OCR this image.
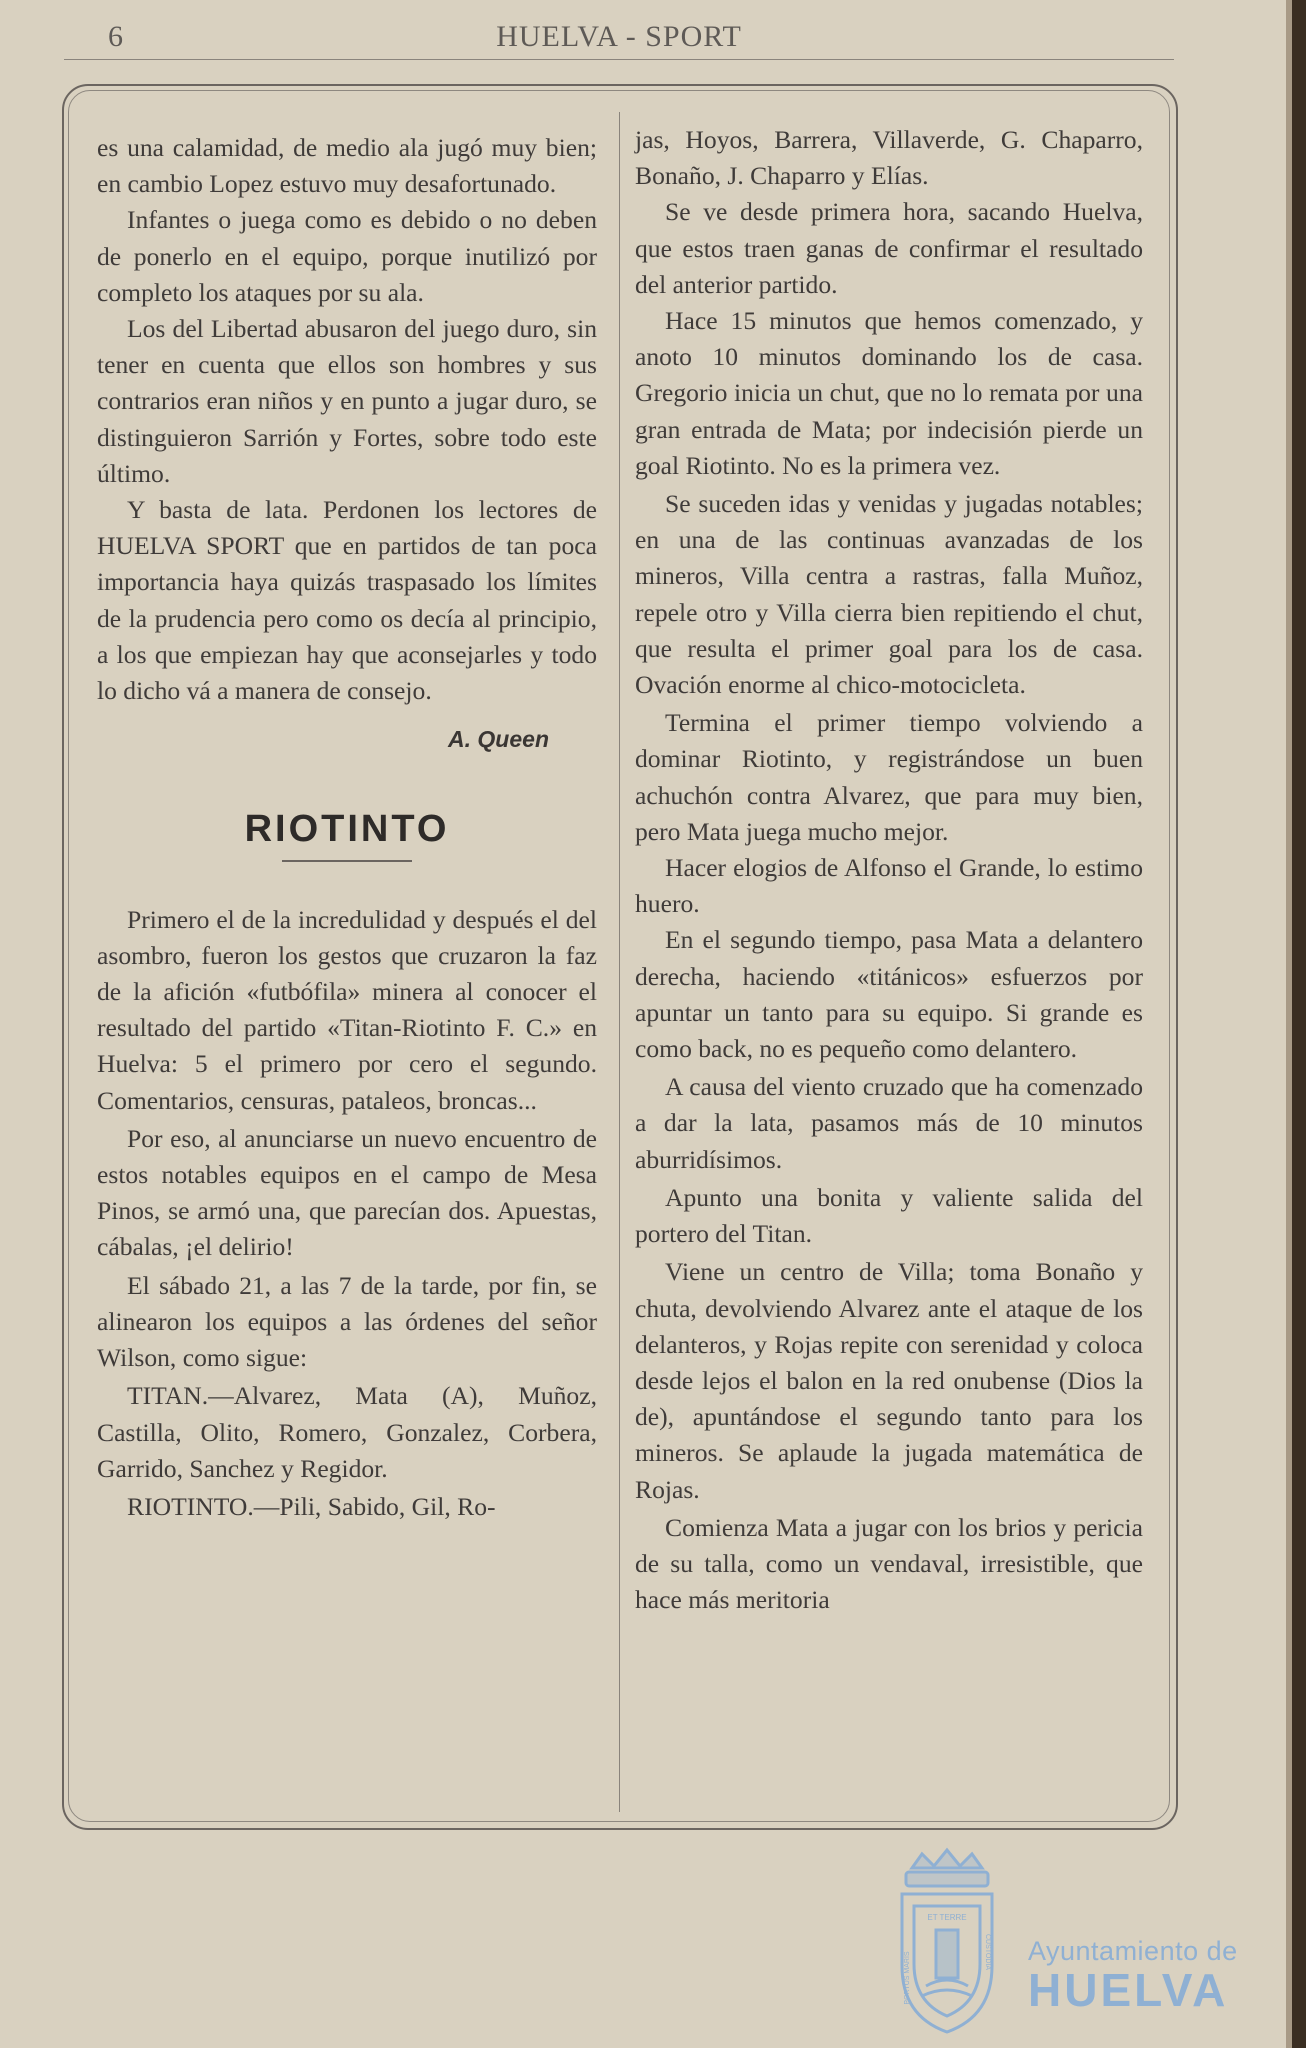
6	HUELVA - SPORT

es una calamidad, de medio ala jugó muy bien; en cambio Lopez estuvo muy desafortunado.

Infantes o juega como es debido o no deben de ponerlo en el equipo, porque inutilizó por completo los ataques por su ala.

Los del Libertad abusaron del juego duro, sin tener en cuenta que ellos son hombres y sus contrarios eran niños y en punto a jugar duro, se distinguieron Sarrión y Fortes, sobre todo este último.

Y basta de lata. Perdonen los lectores de HUELVA SPORT que en partidos de tan poca importancia haya quizás traspasado los límites de la prudencia pero como os decía al principio, a los que empiezan hay que aconsejarles y todo lo dicho vá a manera de consejo.

A. Queen
RIOTINTO

Primero el de la incredulidad y después el del asombro, fueron los gestos que cruzaron la faz de la afición «futbófila» minera al conocer el resultado del partido «Titan-Riotinto F. C.» en Huelva: 5 el primero por cero el segundo. Comentarios, censuras, pataleos, broncas...

Por eso, al anunciarse un nuevo encuentro de estos notables equipos en el campo de Mesa Pinos, se armó una, que parecían dos. Apuestas, cábalas, ¡el delirio!

El sábado 21, a las 7 de la tarde, por fin, se alinearon los equipos a las órdenes del señor Wilson, como sigue:

TITAN.—Alvarez, Mata (A), Muñoz, Castilla, Olito, Romero, Gonzalez, Corbera, Garrido, Sanchez y Regidor.

RIOTINTO.—Pili, Sabido, Gil, Ro-

jas, Hoyos, Barrera, Villaverde, G. Chaparro, Bonaño, J. Chaparro y Elías.

Se ve desde primera hora, sacando Huelva, que estos traen ganas de confirmar el resultado del anterior partido.

Hace 15 minutos que hemos comenzado, y anoto 10 minutos dominando los de casa. Gregorio inicia un chut, que no lo remata por una gran entrada de Mata; por indecisión pierde un goal Riotinto. No es la primera vez.

Se suceden idas y venidas y jugadas notables; en una de las continuas avanzadas de los mineros, Villa centra a rastras, falla Muñoz, repele otro y Villa cierra bien repitiendo el chut, que resulta el primer goal para los de casa. Ovación enorme al chico-motocicleta.

Termina el primer tiempo volviendo a dominar Riotinto, y registrándose un buen achuchón contra Alvarez, que para muy bien, pero Mata juega mucho mejor.

Hacer elogios de Alfonso el Grande, lo estimo huero.

En el segundo tiempo, pasa Mata a delantero derecha, haciendo «titánicos» esfuerzos por apuntar un tanto para su equipo. Si grande es como back, no es pequeño como delantero.

A causa del viento cruzado que ha comenzado a dar la lata, pasamos más de 10 minutos aburridísimos.

Apunto una bonita y valiente salida del portero del Titan.

Viene un centro de Villa; toma Bonaño y chuta, devolviendo Alvarez ante el ataque de los delanteros, y Rojas repite con serenidad y coloca desde lejos el balon en la red onubense (Dios la de), apuntándose el segundo tanto para los mineros. Se aplaude la jugada matemática de Rojas.

Comienza Mata a jugar con los brios y pericia de su talla, como un vendaval, irresistible, que hace más meritoria

ET TERRE
PORTUS MARIS	CUSTODIA Ayuntamiento de
HUELVA
